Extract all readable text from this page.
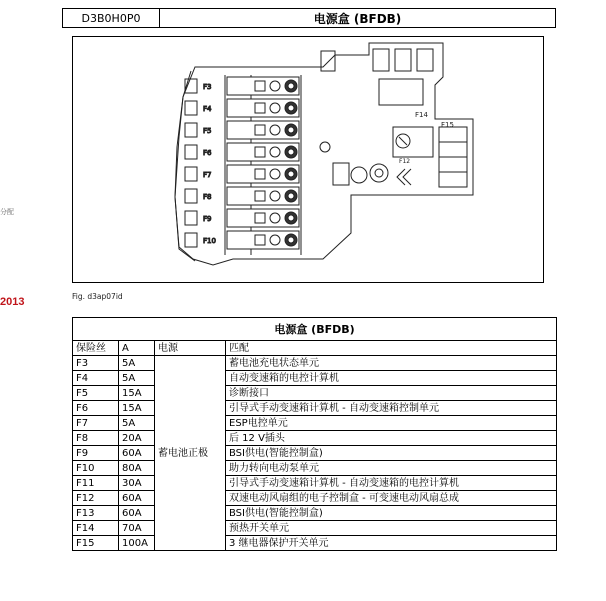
分配
2013
D3B0H0P0	电源盒 (BFDB)
F3
F4
F5
F6
F7
F8
F9
F10
F15
F14
F12
Fig. d3ap07id
电源盒 (BFDB)			
保险丝	A	电源	匹配
F3	5A	蓄电池正极	蓄电池充电状态单元
F4	5A		自动变速箱的电控计算机
F5	15A		诊断接口
F6	15A		引导式手动变速箱计算机 - 自动变速箱控制单元
F7	5A		ESP电控单元
F8	20A		后 12 V插头
F9	60A		BSI供电(智能控制盒)
F10	80A		助力转向电动泵单元
F11	30A		引导式手动变速箱计算机 - 自动变速箱的电控计算机
F12	60A		双速电动风扇组的电子控制盒 - 可变速电动风扇总成
F13	60A		BSI供电(智能控制盒)
F14	70A		预热开关单元
F15	100A		3 继电器保护开关单元
